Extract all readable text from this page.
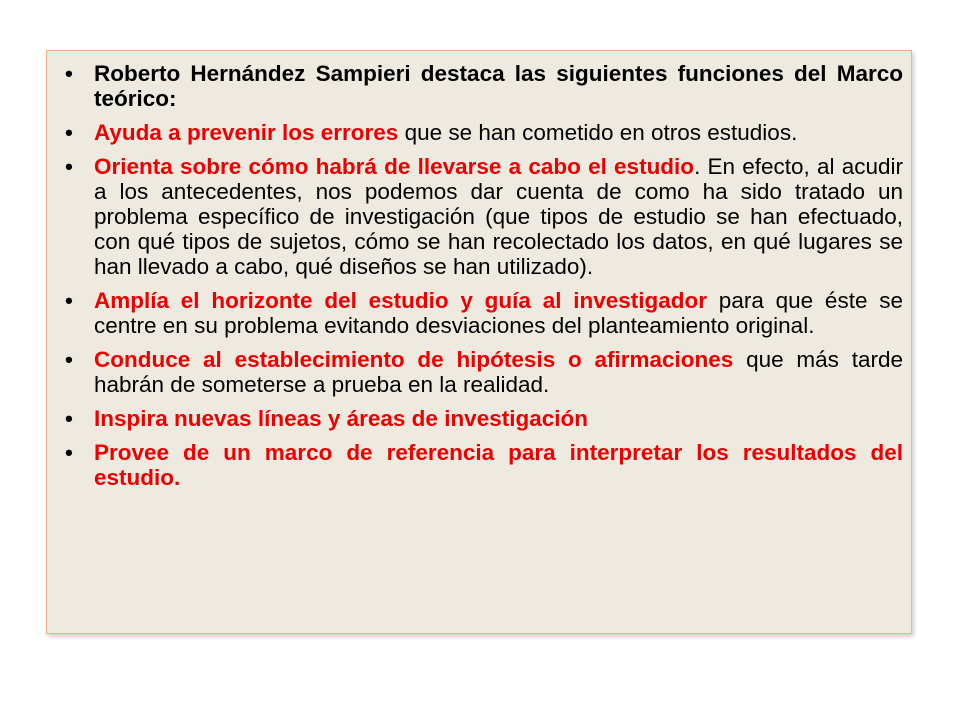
• Roberto Hernández Sampieri destaca las siguientes funciones del Marco teórico:
• Ayuda a prevenir los errores que se han cometido en otros estudios.
• Orienta sobre cómo habrá de llevarse a cabo el estudio. En efecto, al acudir a los antecedentes, nos podemos dar cuenta de como ha sido tratado un problema específico de investigación (que tipos de estudio se han efectuado, con qué tipos de sujetos, cómo se han recolectado los datos, en qué lugares se han llevado a cabo, qué diseños se han utilizado).
• Amplía el horizonte del estudio y guía al investigador para que éste se centre en su problema evitando desviaciones del planteamiento original.
• Conduce al establecimiento de hipótesis o afirmaciones que más tarde habrán de someterse a prueba en la realidad.
• Inspira nuevas líneas y áreas de investigación
• Provee de un marco de referencia para interpretar los resultados del estudio.
